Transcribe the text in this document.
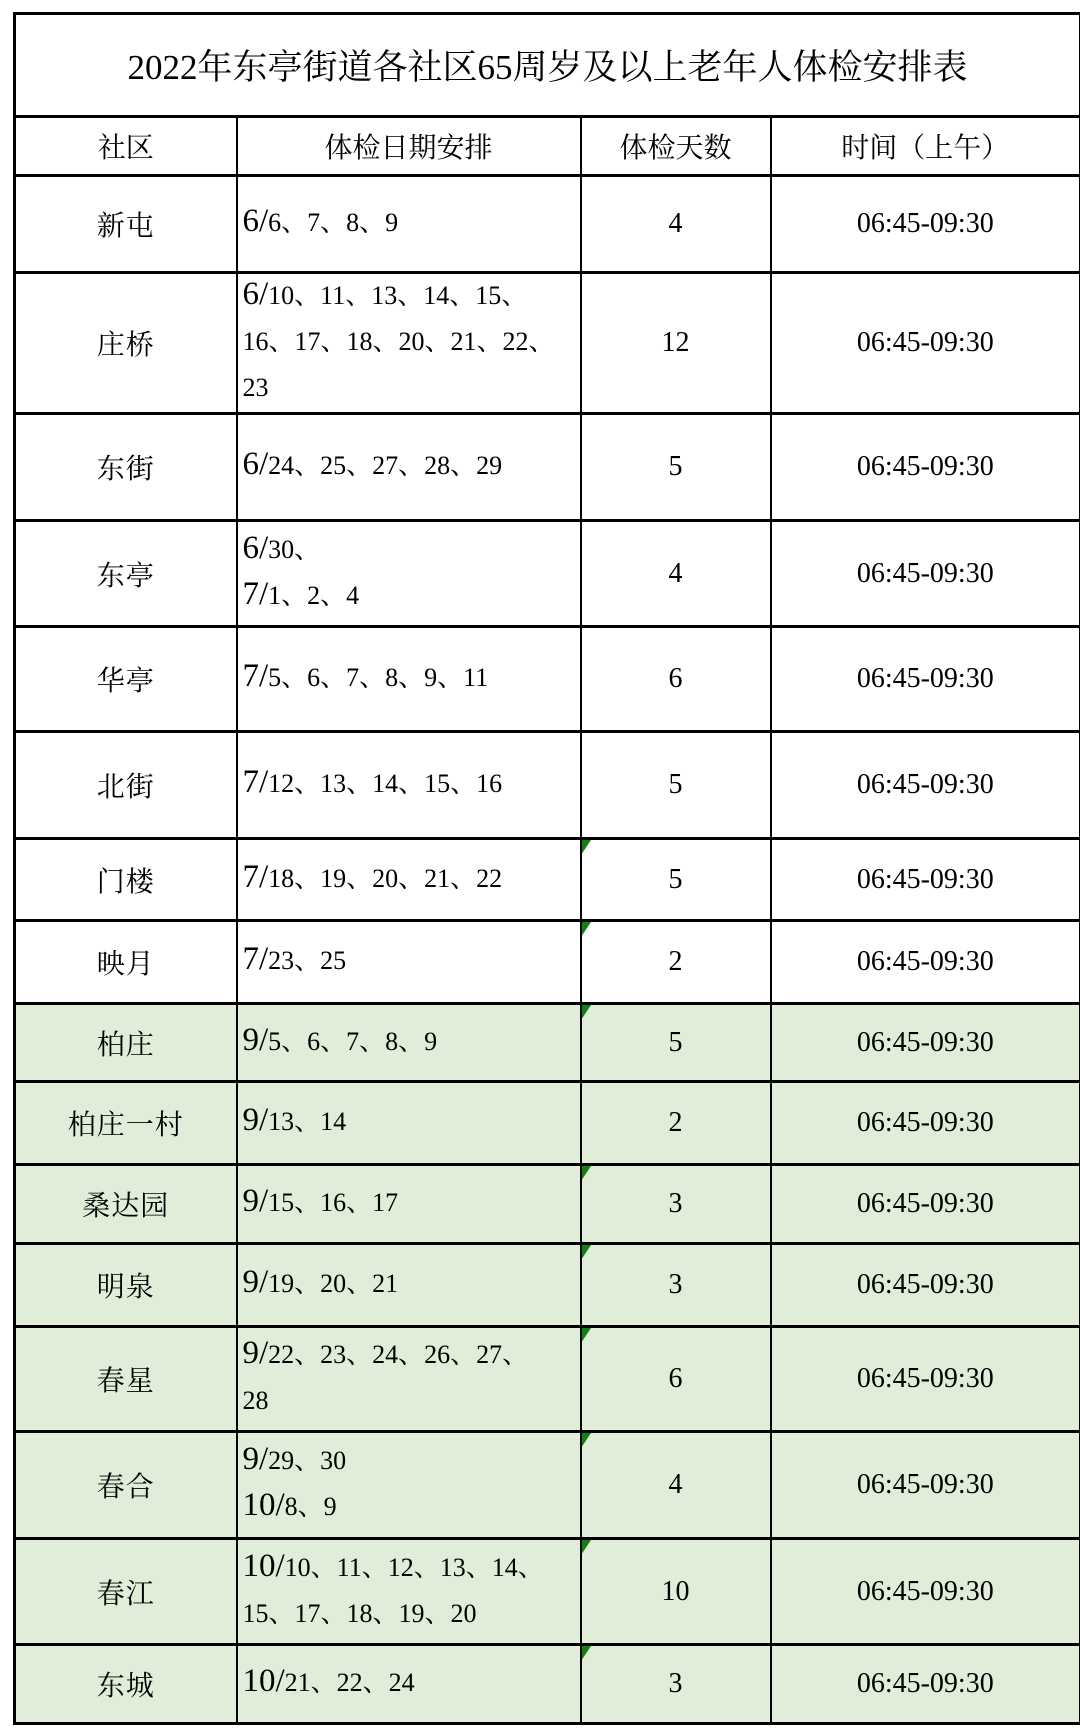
2022年东亭街道各社区65周岁及以上老年人体检安排表			
社区	体检日期安排	体检天数	时间（上午）
新屯	6/6、7、8、9	4	06:45-09:30
庄桥	6/10、11、13、14、15、
16、17、18、20、21、22、
23	12	06:45-09:30
东街	6/24、25、27、28、29	5	06:45-09:30
东亭	6/30、
7/1、2、4	4	06:45-09:30
华亭	7/5、6、7、8、9、11	6	06:45-09:30
北街	7/12、13、14、15、16	5	06:45-09:30
门楼	7/18、19、20、21、22	5	06:45-09:30
映月	7/23、25	2	06:45-09:30
柏庄	9/5、6、7、8、9	5	06:45-09:30
柏庄一村	9/13、14	2	06:45-09:30
桑达园	9/15、16、17	3	06:45-09:30
明泉	9/19、20、21	3	06:45-09:30
春星	9/22、23、24、26、27、
28	6	06:45-09:30
春合	9/29、30
10/8、9	4	06:45-09:30
春江	10/10、11、12、13、14、
15、17、18、19、20	10	06:45-09:30
东城	10/21、22、24	3	06:45-09:30
